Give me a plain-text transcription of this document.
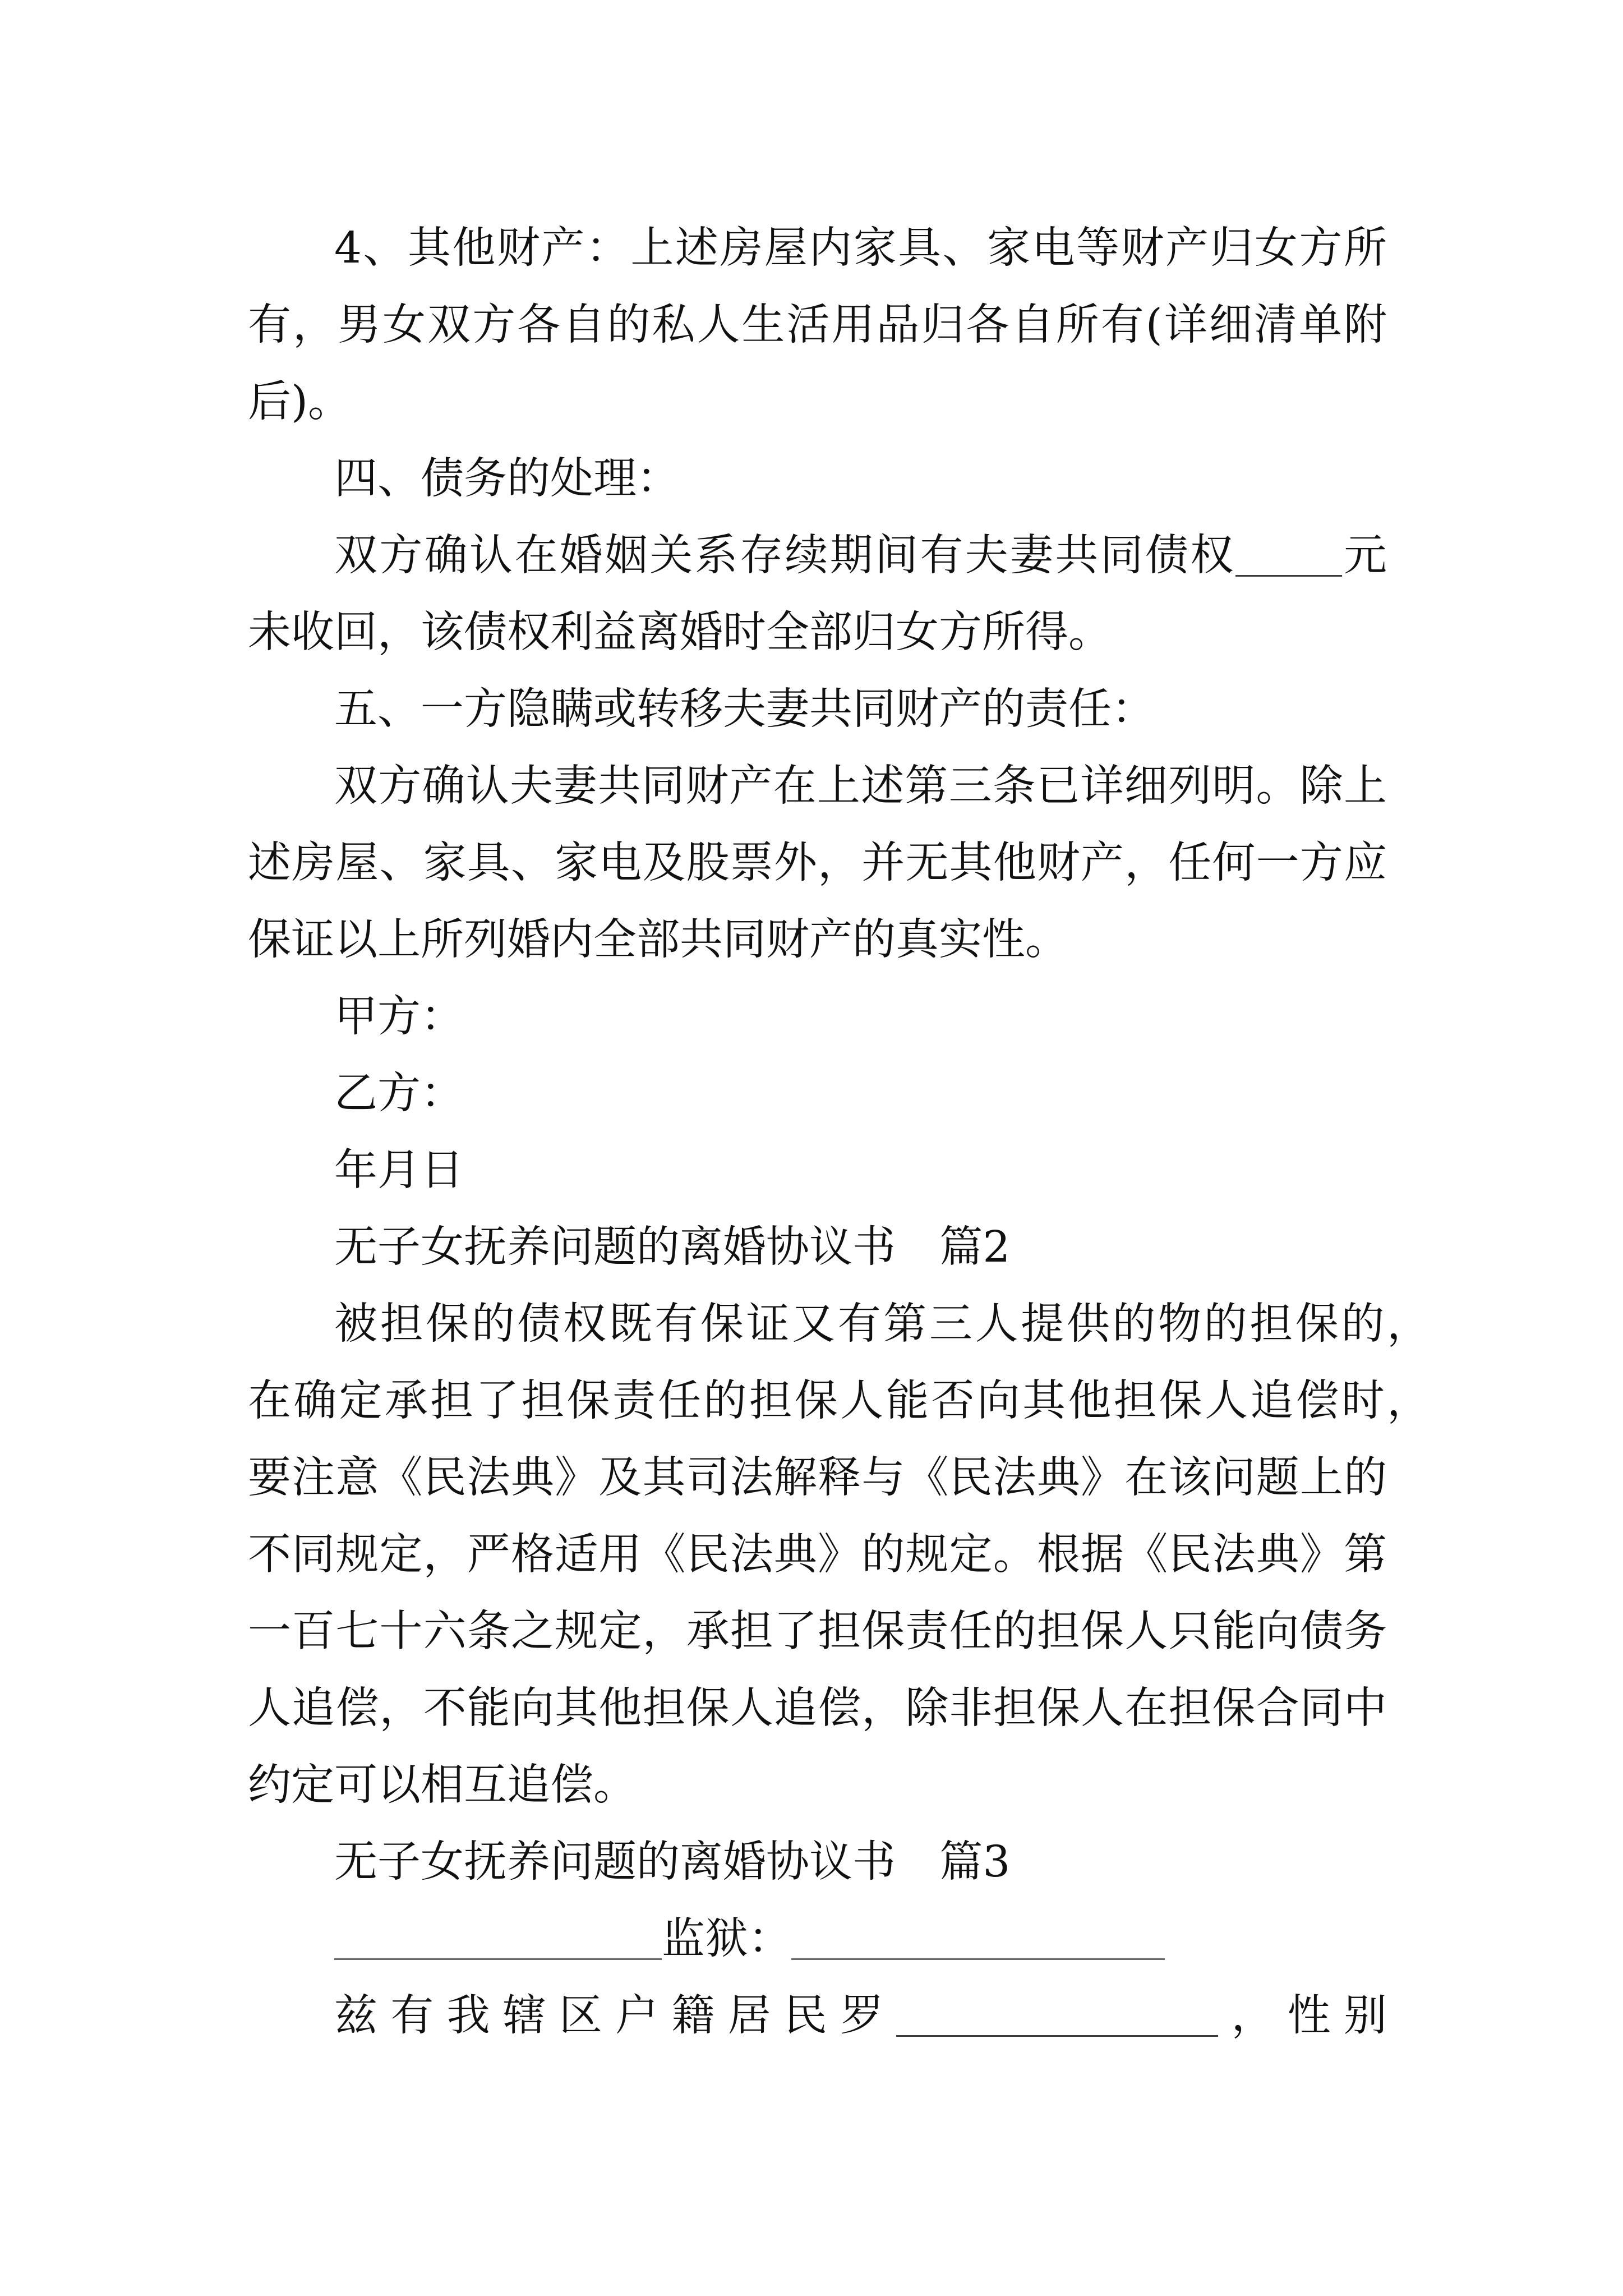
4、其他财产：上述房屋内家具、家电等财产归女方所
有，男女双方各自的私人生活用品归各自所有(详细清单附
后)。
四、债务的处理：
双方确认在婚姻关系存续期间有夫妻共同债权 元
未收回，该债权利益离婚时全部归女方所得。
五、一方隐瞒或转移夫妻共同财产的责任：
双方确认夫妻共同财产在上述第三条已详细列明。除上
述房屋、家具、家电及股票外，并无其他财产，任何一方应
保证以上所列婚内全部共同财产的真实性。
甲方：
乙方：
年月日
无子女抚养问题的离婚协议书 篇2
被担保的债权既有保证又有第三人提供的物的担保的，
在确定承担了担保责任的担保人能否向其他担保人追偿时，
要注意《民法典》及其司法解释与《民法典》在该问题上的
不同规定，严格适用《民法典》的规定。根据《民法典》第
一百七十六条之规定，承担了担保责任的担保人只能向债务
人追偿，不能向其他担保人追偿，除非担保人在担保合同中
约定可以相互追偿。
无子女抚养问题的离婚协议书 篇3
监狱：
兹有我辖区户籍居民罗	，性别
